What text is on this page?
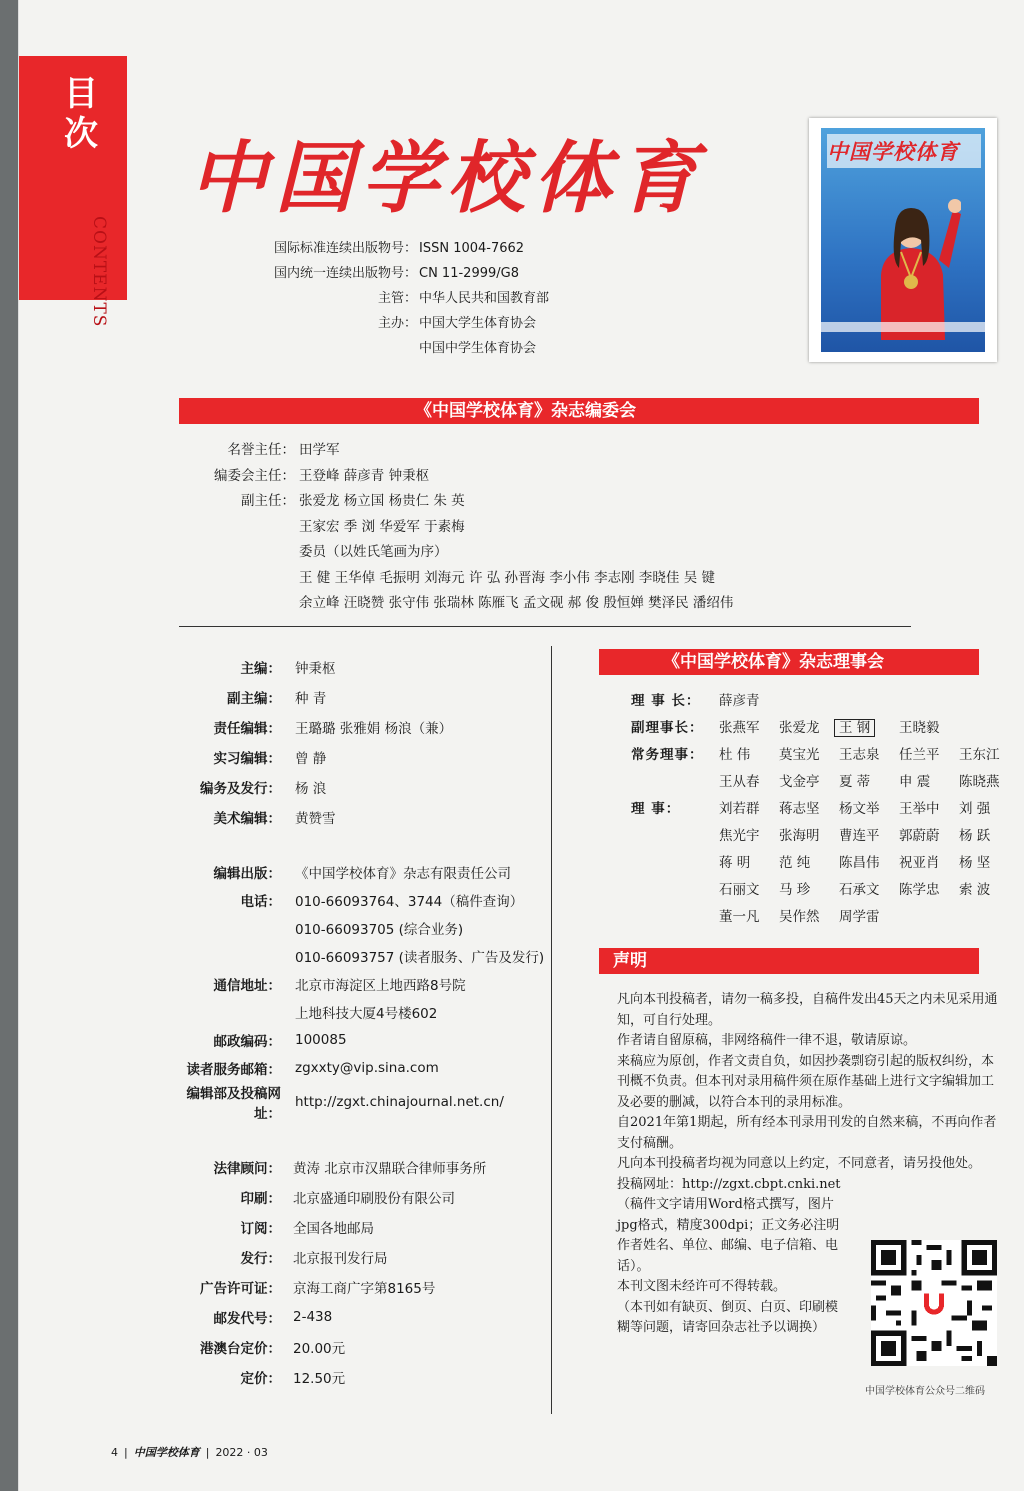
目
次
CONTENTS
中国学校体育	中国学校体育
国际标准连续出版物号： ISSN 1004-7662
国内统一连续出版物号： CN 11-2999/G8
主管： 中华人民共和国教育部
主办： 中国大学生体育协会
中国中学生体育协会
《中国学校体育》杂志编委会
名誉主任： 田学军
编委会主任： 王登峰 薛彦青 钟秉枢
副主任： 张爱龙 杨立国 杨贵仁 朱 英
王家宏 季 浏 华爱军 于素梅
委员（以姓氏笔画为序）
王 健 王华倬 毛振明 刘海元 许 弘 孙晋海 李小伟 李志刚 李晓佳 吴 键
余立峰 汪晓赞 张守伟 张瑞林 陈雁飞 孟文砚 郝 俊 殷恒婵 樊泽民 潘绍伟
主编：	钟秉枢
副主编：	种 青
责任编辑：	王璐璐 张雅娟 杨浪（兼）
实习编辑：	曾 静
编务及发行：	杨 浪
美术编辑：	黄赞雪
编辑出版：	《中国学校体育》杂志有限责任公司
电话：	010-66093764、3744（稿件查询）
010-66093705 (综合业务)
010-66093757 (读者服务、广告及发行)
通信地址：	北京市海淀区上地西路8号院
上地科技大厦4号楼602
邮政编码：	100085
读者服务邮箱：	zgxxty@vip.sina.com
编辑部及投稿网址：
http://zgxt.chinajournal.net.cn/
法律顾问： 黄涛 北京市汉鼎联合律师事务所
印刷： 北京盛通印刷股份有限公司
订阅： 全国各地邮局
发行： 北京报刊发行局
广告许可证： 京海工商广字第8165号
邮发代号： 2-438
港澳台定价： 20.00元
定价： 12.50元
《中国学校体育》杂志理事会
理 事 长：	薛彦青
副理事长：	张燕军	张爱龙	王 钢	王晓毅
常务理事：	杜 伟	莫宝光	王志泉	任兰平	王东江
王从春	戈金亭	夏 蒂	申 震	陈晓燕
理 事：	刘若群	蒋志坚	杨文举	王举中	刘 强
焦光宇	张海明	曹连平	郭蔚蔚	杨 跃
蒋 明	范 纯	陈昌伟	祝亚肖	杨 坚
石丽文	马 珍	石承文	陈学忠	索 波
董一凡	吴作然	周学雷
声明

凡向本刊投稿者，请勿一稿多投，自稿件发出45天之内未见采用通知，可自行处理。

作者请自留原稿，非网络稿件一律不退，敬请原谅。

来稿应为原创，作者文责自负，如因抄袭剽窃引起的版权纠纷，本刊概不负责。但本刊对录用稿件须在原作基础上进行文字编辑加工及必要的删减，以符合本刊的录用标准。

自2021年第1期起，所有经本刊录用刊发的自然来稿，不再向作者支付稿酬。

凡向本刊投稿者均视为同意以上约定，不同意者，请另投他处。

投稿网址：http://zgxt.cbpt.cnki.net（稿件文字请用Word格式撰写，图片jpg格式，精度300dpi；正文务必注明作者姓名、单位、邮编、电子信箱、电话）。

本刊文图未经许可不得转载。

（本刊如有缺页、倒页、白页、印刷模糊等问题，请寄回杂志社予以调换）

中国学校体育公众号二维码
4 | 中国学校体育 | 2022 · 03
